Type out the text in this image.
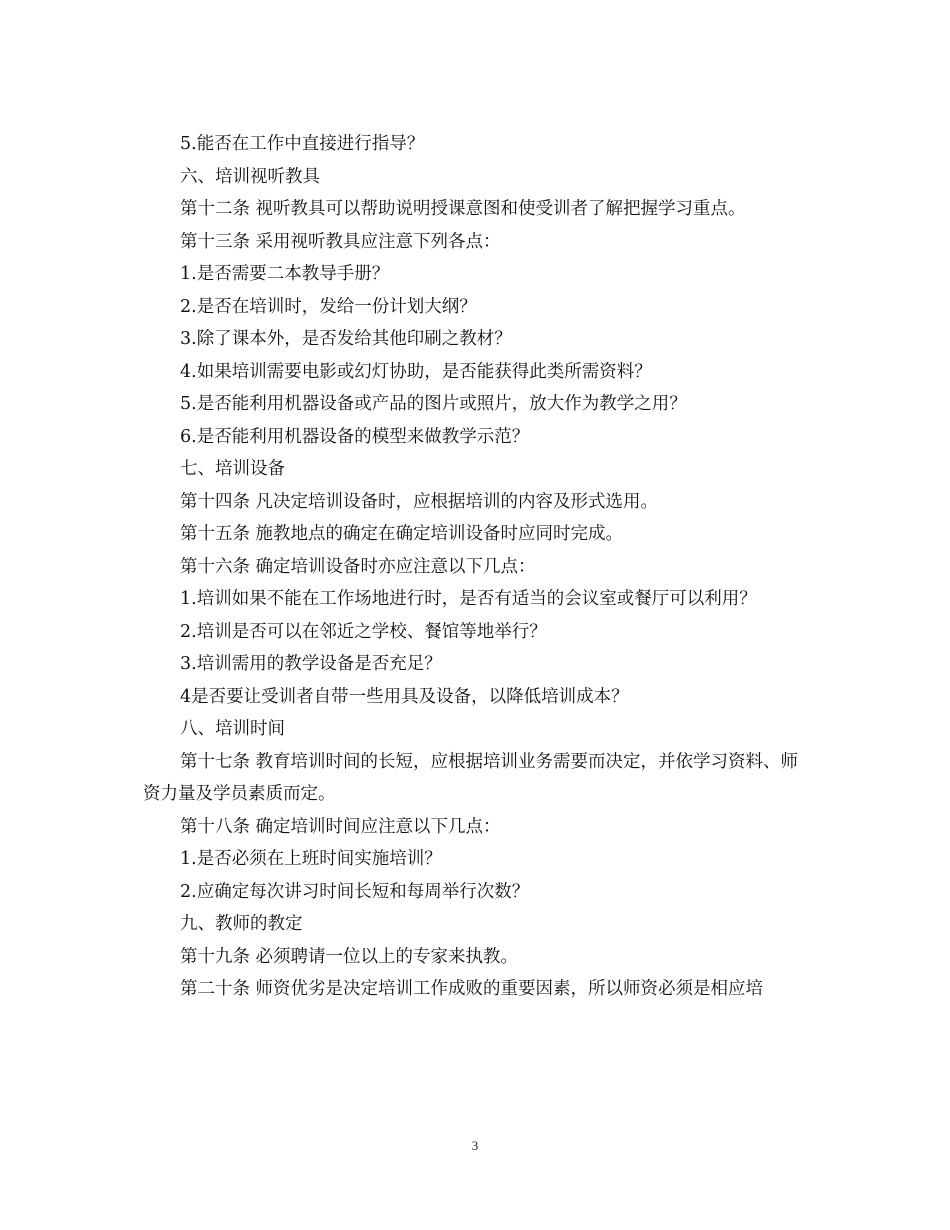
5.能否在工作中直接进行指导？

六、培训视听教具

第十二条 视听教具可以帮助说明授课意图和使受训者了解把握学习重点。

第十三条 采用视听教具应注意下列各点：

1.是否需要二本教导手册？

2.是否在培训时，发给一份计划大纲？

3.除了课本外，是否发给其他印刷之教材？

4.如果培训需要电影或幻灯协助，是否能获得此类所需资料？

5.是否能利用机器设备或产品的图片或照片，放大作为教学之用？

6.是否能利用机器设备的模型来做教学示范？

七、培训设备

第十四条 凡决定培训设备时，应根据培训的内容及形式选用。

第十五条 施教地点的确定在确定培训设备时应同时完成。

第十六条 确定培训设备时亦应注意以下几点：

1.培训如果不能在工作场地进行时，是否有适当的会议室或餐厅可以利用？

2.培训是否可以在邻近之学校、餐馆等地举行？

3.培训需用的教学设备是否充足？

4是否要让受训者自带一些用具及设备，以降低培训成本？

八、培训时间

第十七条 教育培训时间的长短，应根据培训业务需要而决定，并依学习资料、师资力量及学员素质而定。

第十八条 确定培训时间应注意以下几点：

1.是否必须在上班时间实施培训？

2.应确定每次讲习时间长短和每周举行次数？

九、教师的教定

第十九条 必须聘请一位以上的专家来执教。

第二十条 师资优劣是决定培训工作成败的重要因素，所以师资必须是相应培

3
